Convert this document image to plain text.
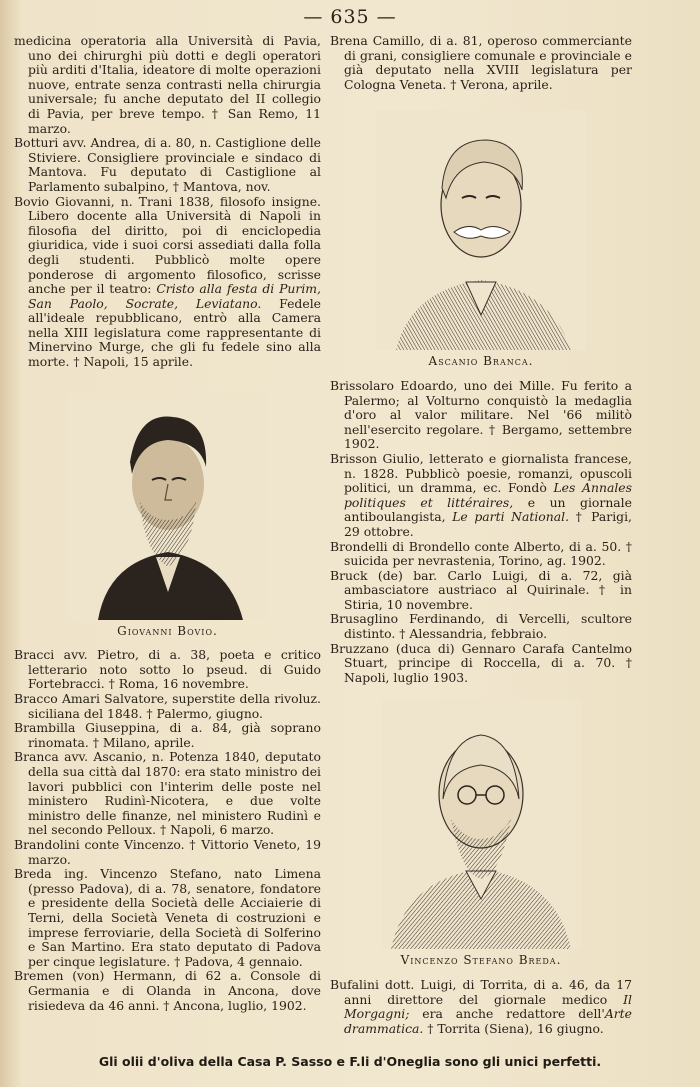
— 635 —

medicina operatoria alla Università di Pavia, uno dei chirurghi più dotti e degli operatori più arditi d'Italia, ideatore di molte operazioni nuove, entrate senza contrasti nella chirurgia universale; fu anche deputato del II collegio di Pavia, per breve tempo. † San Remo, 11 marzo.

Botturi avv. Andrea, di a. 80, n. Castiglione delle Stiviere. Consigliere provinciale e sindaco di Mantova. Fu deputato di Castiglione al Parlamento subalpino, † Mantova, nov.

Bovio Giovanni, n. Trani 1838, filosofo insigne. Libero docente alla Università di Napoli in filosofia del diritto, poi di enciclopedia giuridica, vide i suoi corsi assediati dalla folla degli studenti. Pubblicò molte opere ponderose di argomento filosofico, scrisse anche per il teatro: Cristo alla festa di Purim, San Paolo, Socrate, Leviatano. Fedele all'ideale repubblicano, entrò alla Camera nella XIII legislatura come rappresentante di Minervino Murge, che gli fu fedele sino alla morte. † Napoli, 15 aprile.

Giovanni Bovio.

Bracci avv. Pietro, di a. 38, poeta e critico letterario noto sotto lo pseud. di Guido Fortebracci. † Roma, 16 novembre.

Bracco Amari Salvatore, superstite della rivoluz. siciliana del 1848. † Palermo, giugno.

Brambilla Giuseppina, di a. 84, già soprano rinomata. † Milano, aprile.

Branca avv. Ascanio, n. Potenza 1840, deputato della sua città dal 1870: era stato ministro dei lavori pubblici con l'interim delle poste nel ministero Rudinì-Nicotera, e due volte ministro delle finanze, nel ministero Rudinì e nel secondo Pelloux. † Napoli, 6 marzo.

Brandolini conte Vincenzo. † Vittorio Veneto, 19 marzo.

Breda ing. Vincenzo Stefano, nato Limena (presso Padova), di a. 78, senatore, fondatore e presidente della Società delle Acciaierie di Terni, della Società Veneta di costruzioni e imprese ferroviarie, della Società di Solferino e San Martino. Era stato deputato di Padova per cinque legislature. † Padova, 4 gennaio.

Bremen (von) Hermann, di 62 a. Console di Germania e di Olanda in Ancona, dove risiedeva da 46 anni. † Ancona, luglio, 1902.

Brena Camillo, di a. 81, operoso commerciante di grani, consigliere comunale e provinciale e già deputato nella XVIII legislatura per Cologna Veneta. † Verona, aprile.

Ascanio Branca.

Brissolaro Edoardo, uno dei Mille. Fu ferito a Palermo; al Volturno conquistò la medaglia d'oro al valor militare. Nel '66 militò nell'esercito regolare. † Bergamo, settembre 1902.

Brisson Giulio, letterato e giornalista francese, n. 1828. Pubblicò poesie, romanzi, opuscoli politici, un dramma, ec. Fondò Les Annales politiques et littéraires, e un giornale antiboulangista, Le parti National. † Parigi, 29 ottobre.

Brondelli di Brondello conte Alberto, di a. 50. † suicida per nevrastenia, Torino, ag. 1902.

Bruck (de) bar. Carlo Luigi, di a. 72, già ambasciatore austriaco al Quirinale. † in Stiria, 10 novembre.

Brusaglino Ferdinando, di Vercelli, scultore distinto. † Alessandria, febbraio.

Bruzzano (duca di) Gennaro Carafa Cantelmo Stuart, principe di Roccella, di a. 70. † Napoli, luglio 1903.

Vincenzo Stefano Breda.

Bufalini dott. Luigi, di Torrita, di a. 46, da 17 anni direttore del giornale medico Il Morgagni; era anche redattore dell'Arte drammatica. † Torrita (Siena), 16 giugno.

Gli olii d'oliva della Casa P. Sasso e F.li d'Oneglia sono gli unici perfetti.
